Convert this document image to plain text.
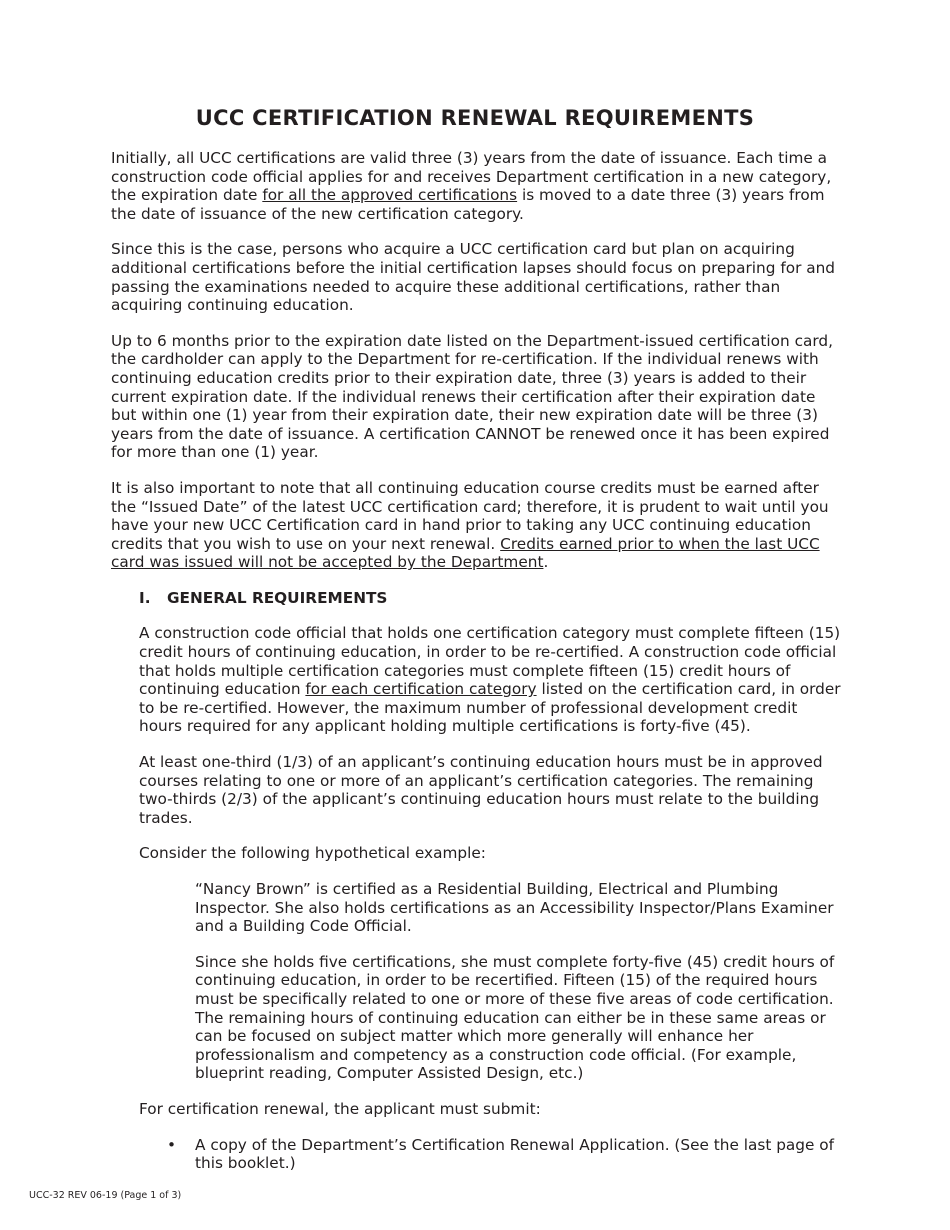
UCC CERTIFICATION RENEWAL REQUIREMENTS

Initially, all UCC certifications are valid three (3) years from the date of issuance. Each time a construction code official applies for and receives Department certification in a new category, the expiration date for all the approved certifications is moved to a date three (3) years from the date of issuance of the new certification category.

Since this is the case, persons who acquire a UCC certification card but plan on acquiring additional certifications before the initial certification lapses should focus on preparing for and passing the examinations needed to acquire these additional certifications, rather than acquiring continuing education.

Up to 6 months prior to the expiration date listed on the Department-issued certification card, the cardholder can apply to the Department for re-certification. If the individual renews with continuing education credits prior to their expiration date, three (3) years is added to their current expiration date. If the individual renews their certification after their expiration date but within one (1) year from their expiration date, their new expiration date will be three (3) years from the date of issuance. A certification CANNOT be renewed once it has been expired for more than one (1) year.

It is also important to note that all continuing education course credits must be earned after the “Issued Date” of the latest UCC certification card; therefore, it is prudent to wait until you have your new UCC Certification card in hand prior to taking any UCC continuing education credits that you wish to use on your next renewal. Credits earned prior to when the last UCC card was issued will not be accepted by the Department.

I.	GENERAL REQUIREMENTS

A construction code official that holds one certification category must complete fifteen (15) credit hours of continuing education, in order to be re-certified. A construction code official that holds multiple certification categories must complete fifteen (15) credit hours of continuing education for each certification category listed on the certification card, in order to be re-certified. However, the maximum number of professional development credit hours required for any applicant holding multiple certifications is forty-five (45).

At least one-third (1/3) of an applicant’s continuing education hours must be in approved courses relating to one or more of an applicant’s certification categories. The remaining two-thirds (2/3) of the applicant’s continuing education hours must relate to the building trades.

Consider the following hypothetical example:

“Nancy Brown” is certified as a Residential Building, Electrical and Plumbing Inspector. She also holds certifications as an Accessibility Inspector/Plans Examiner and a Building Code Official.

Since she holds five certifications, she must complete forty-five (45) credit hours of continuing education, in order to be recertified. Fifteen (15) of the required hours must be specifically related to one or more of these five areas of code certification. The remaining hours of continuing education can either be in these same areas or can be focused on subject matter which more generally will enhance her professionalism and competency as a construction code official. (For example, blueprint reading, Computer Assisted Design, etc.)

For certification renewal, the applicant must submit:

•	A copy of the Department’s Certification Renewal Application. (See the last page of this booklet.)
UCC-32 REV 06-19 (Page 1 of 3)
